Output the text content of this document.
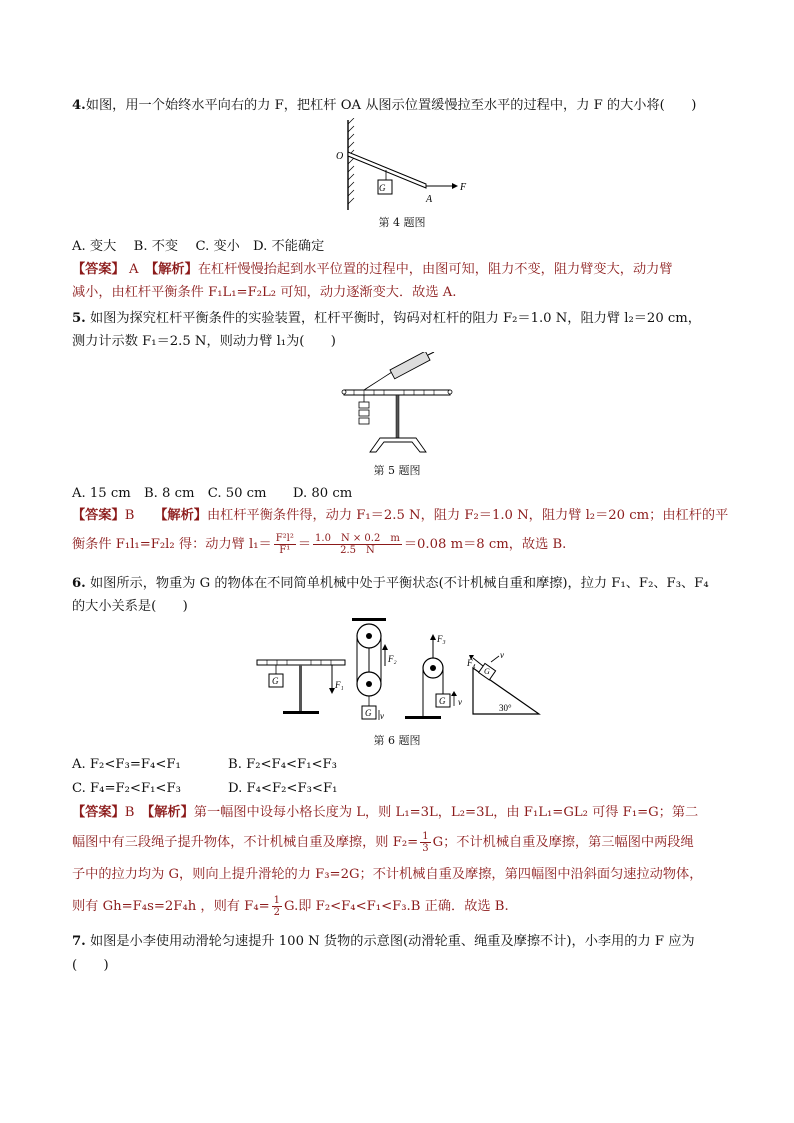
4.如图，用一个始终水平向右的力 F，把杠杆 OA 从图示位置缓慢拉至水平的过程中，力 F 的大小将(　　)
G
O
A
F
第 4 题图
A. 变大　 B. 不变　 C. 变小　D. 不能确定
【答案】 A　【解析】在杠杆慢慢抬起到水平位置的过程中，由图可知，阻力不变，阻力臂变大，动力臂
减小，由杠杆平衡条件 F₁L₁=F₂L₂ 可知，动力逐渐变大．故选 A.
5. 如图为探究杠杆平衡条件的实验装置，杠杆平衡时，钩码对杠杆的阻力 F₂＝1.0 N，阻力臂 l₂＝20 cm，
测力计示数 F₁＝2.5 N，则动力臂 l₁为(　　)
第 5 题图
A. 15 cm　B. 8 cm　C. 50 cm　　D. 80 cm
【答案】B　　【解析】由杠杆平衡条件得，动力 F₁＝2.5 N，阻力 F₂＝1.0 N，阻力臂 l₂＝20 cm；由杠杆的平
衡条件 F₁l₁=F₂l₂ 得：动力臂 $l_1= \frac{\text{F²l²}}{\text{F¹}} = \frac{1.0 N \times 0.2 m}{2.5 N} =0.08$ m＝8 cm，故选 B.
6. 如图所示，物重为 G 的物体在不同简单机械中处于平衡状态(不计机械自重和摩擦)，拉力 F₁、F₂、F₃、F₄
的大小关系是(　　)
G	F₁
G
F₂
v
G
F₃
v
G
F₄
v
30°
第 6 题图
A. F₂<F₃=F₄<F₁	B. F₂<F₄<F₁<F₃
C. F₄=F₂<F₁<F₃	D. F₄<F₂<F₃<F₁
【答案】B　【解析】第一幅图中设每小格长度为 L，则 L₁=3L，L₂=3L，由 F₁L₁=GL₂ 可得 F₁=G；第二
幅图中有三段绳子提升物体，不计机械自重及摩擦，则 $F_2= \frac{1}{3}$ G；不计机械自重及摩擦，第三幅图中两段绳
子中的拉力均为 G，则向上提升滑轮的力 F₃=2G；不计机械自重及摩擦，第四幅图中沿斜面匀速拉动物体，
则有 Gh=F₄s=2F₄h ，则有 $F_4= \frac{1}{2} G$.即 F₂<F₄<F₁<F₃.B 正确．故选 B.
7. 如图是小李使用动滑轮匀速提升 100 N 货物的示意图(动滑轮重、绳重及摩擦不计)，小李用的力 F 应为
(　　)
